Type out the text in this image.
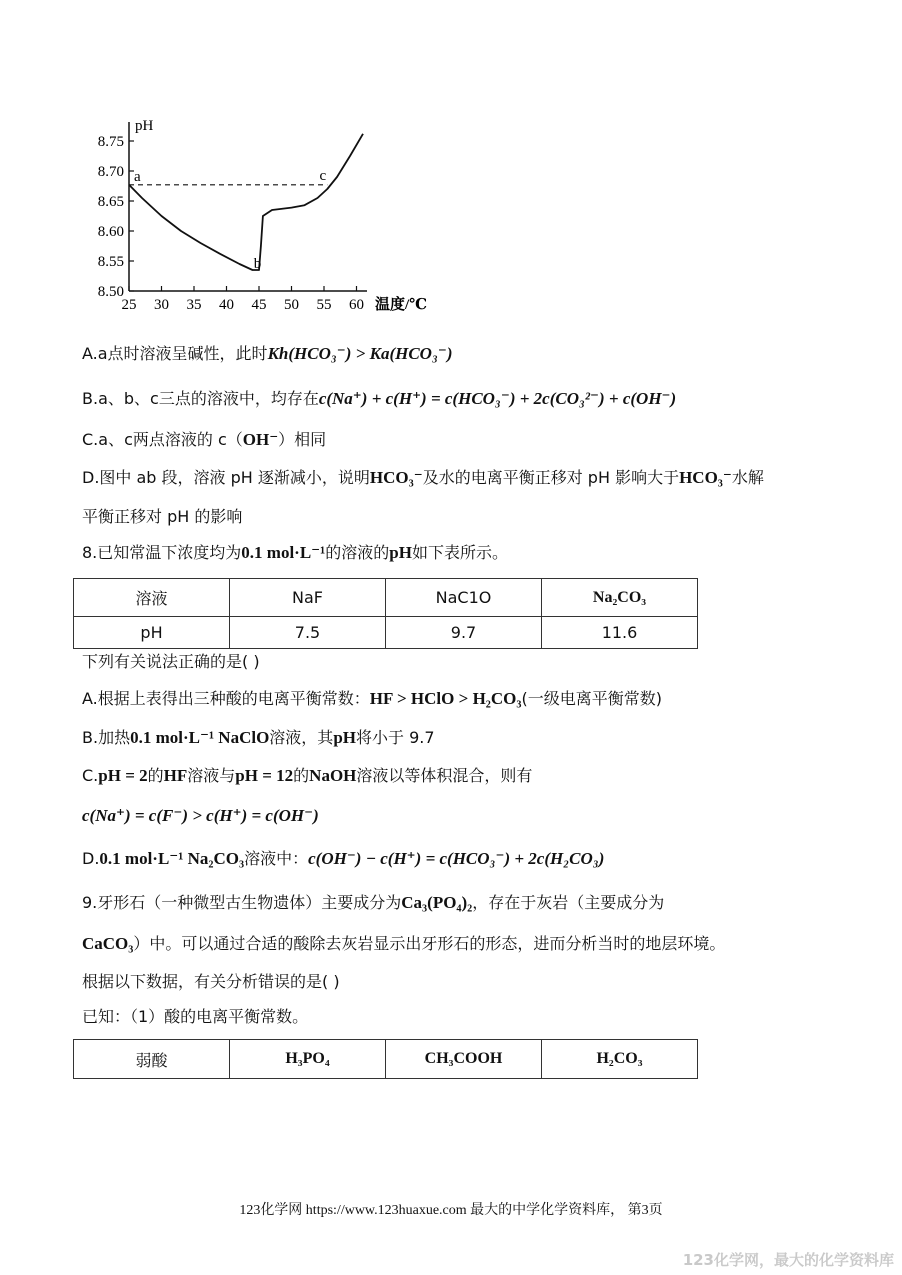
8.75
8.70
8.65
8.60
8.55
8.50
25 30 35 40 45 50 55 60
pH
温度/℃
a
b
c
A.a点时溶液呈碱性，此时Kh(HCO₃⁻) > Ka(HCO₃⁻)
B.a、b、c三点的溶液中，均存在c(Na⁺) + c(H⁺) = c(HCO₃⁻) + 2c(CO₃²⁻) + c(OH⁻)
C.a、c两点溶液的 c（OH⁻）相同
D.图中 ab 段，溶液 pH 逐渐减小，说明HCO₃⁻及水的电离平衡正移对 pH 影响大于HCO₃⁻水解
平衡正移对 pH 的影响
8.已知常温下浓度均为0.1 mol·L⁻¹的溶液的pH如下表所示。
溶液	NaF	NaC1O	Na₂CO₃
pH	7.5	9.7	11.6
下列有关说法正确的是( )
A.根据上表得出三种酸的电离平衡常数：HF > HClO > H₂CO₃(一级电离平衡常数)
B.加热0.1 mol·L⁻¹ NaClO溶液，其pH将小于 9.7
C.pH = 2的HF溶液与pH = 12的NaOH溶液以等体积混合，则有
c(Na⁺) = c(F⁻) > c(H⁺) = c(OH⁻)
D.0.1 mol·L⁻¹ Na₂CO₃溶液中：c(OH⁻) − c(H⁺) = c(HCO₃⁻) + 2c(H₂CO₃)
9.牙形石（一种微型古生物遗体）主要成分为Ca₃(PO₄)₂，存在于灰岩（主要成分为
CaCO₃）中。可以通过合适的酸除去灰岩显示出牙形石的形态，进而分析当时的地层环境。
根据以下数据，有关分析错误的是( )
已知：（1）酸的电离平衡常数。
弱酸	H₃PO₄	CH₃COOH	H₂CO₃
123化学网 https://www.123huaxue.com 最大的中学化学资料库， 第3页
123化学网，最大的化学资料库
